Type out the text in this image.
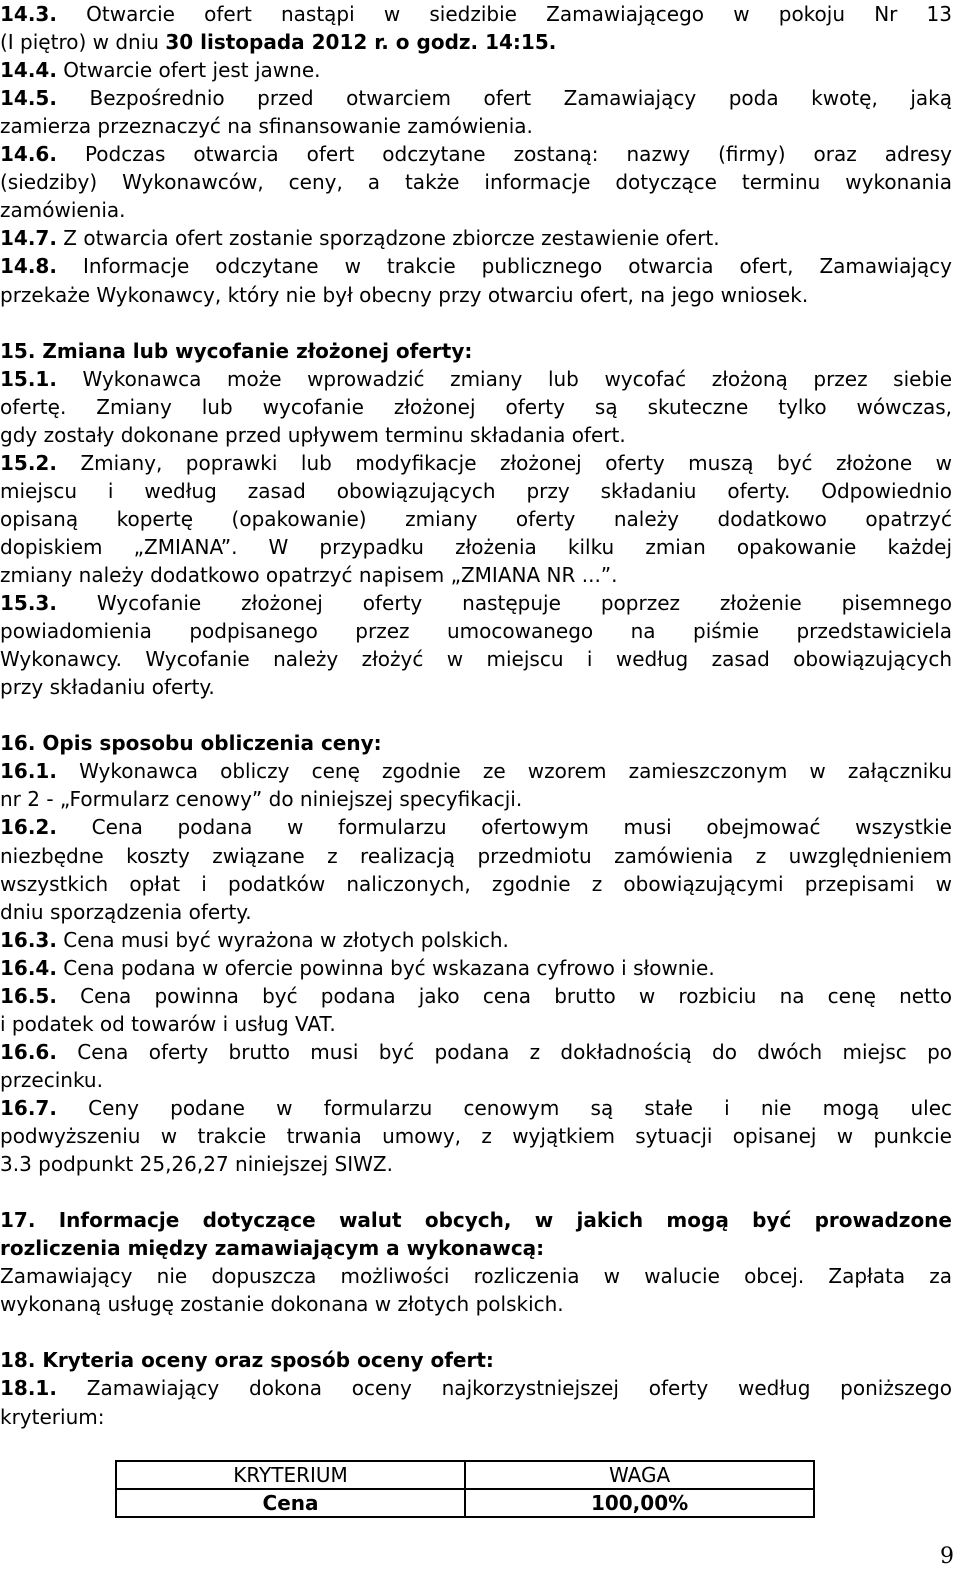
14.3. Otwarcie ofert nastąpi w siedzibie Zamawiającego w pokoju Nr 13
(I piętro) w dniu 30 listopada 2012 r. o godz. 14:15.
14.4. Otwarcie ofert jest jawne.
14.5. Bezpośrednio przed otwarciem ofert Zamawiający poda kwotę, jaką
zamierza przeznaczyć na sfinansowanie zamówienia.
14.6. Podczas otwarcia ofert odczytane zostaną: nazwy (firmy) oraz adresy
(siedziby) Wykonawców, ceny, a także informacje dotyczące terminu wykonania
zamówienia.
14.7. Z otwarcia ofert zostanie sporządzone zbiorcze zestawienie ofert.
14.8. Informacje odczytane w trakcie publicznego otwarcia ofert, Zamawiający
przekaże Wykonawcy, który nie był obecny przy otwarciu ofert, na jego wniosek.
15. Zmiana lub wycofanie złożonej oferty:
15.1. Wykonawca może wprowadzić zmiany lub wycofać złożoną przez siebie
ofertę. Zmiany lub wycofanie złożonej oferty są skuteczne tylko wówczas,
gdy zostały dokonane przed upływem terminu składania ofert.
15.2. Zmiany, poprawki lub modyfikacje złożonej oferty muszą być złożone w
miejscu i według zasad obowiązujących przy składaniu oferty. Odpowiednio
opisaną kopertę (opakowanie) zmiany oferty należy dodatkowo opatrzyć
dopiskiem „ZMIANA”. W przypadku złożenia kilku zmian opakowanie każdej
zmiany należy dodatkowo opatrzyć napisem „ZMIANA NR ...”.
15.3. Wycofanie złożonej oferty następuje poprzez złożenie pisemnego
powiadomienia podpisanego przez umocowanego na piśmie przedstawiciela
Wykonawcy. Wycofanie należy złożyć w miejscu i według zasad obowiązujących
przy składaniu oferty.
16. Opis sposobu obliczenia ceny:
16.1. Wykonawca obliczy cenę zgodnie ze wzorem zamieszczonym w załączniku
nr 2 - „Formularz cenowy” do niniejszej specyfikacji.
16.2. Cena podana w formularzu ofertowym musi obejmować wszystkie
niezbędne koszty związane z realizacją przedmiotu zamówienia z uwzględnieniem
wszystkich opłat i podatków naliczonych, zgodnie z obowiązującymi przepisami w
dniu sporządzenia oferty.
16.3. Cena musi być wyrażona w złotych polskich.
16.4. Cena podana w ofercie powinna być wskazana cyfrowo i słownie.
16.5. Cena powinna być podana jako cena brutto w rozbiciu na cenę netto
i podatek od towarów i usług VAT.
16.6. Cena oferty brutto musi być podana z dokładnością do dwóch miejsc po
przecinku.
16.7. Ceny podane w formularzu cenowym są stałe i nie mogą ulec
podwyższeniu w trakcie trwania umowy, z wyjątkiem sytuacji opisanej w punkcie
3.3 podpunkt 25,26,27 niniejszej SIWZ.
17. Informacje dotyczące walut obcych, w jakich mogą być prowadzone
rozliczenia między zamawiającym a wykonawcą:
Zamawiający nie dopuszcza możliwości rozliczenia w walucie obcej. Zapłata za
wykonaną usługę zostanie dokonana w złotych polskich.
18. Kryteria oceny oraz sposób oceny ofert:
18.1. Zamawiający dokona oceny najkorzystniejszej oferty według poniższego
kryterium:
KRYTERIUM	WAGA
Cena	100,00%
9
